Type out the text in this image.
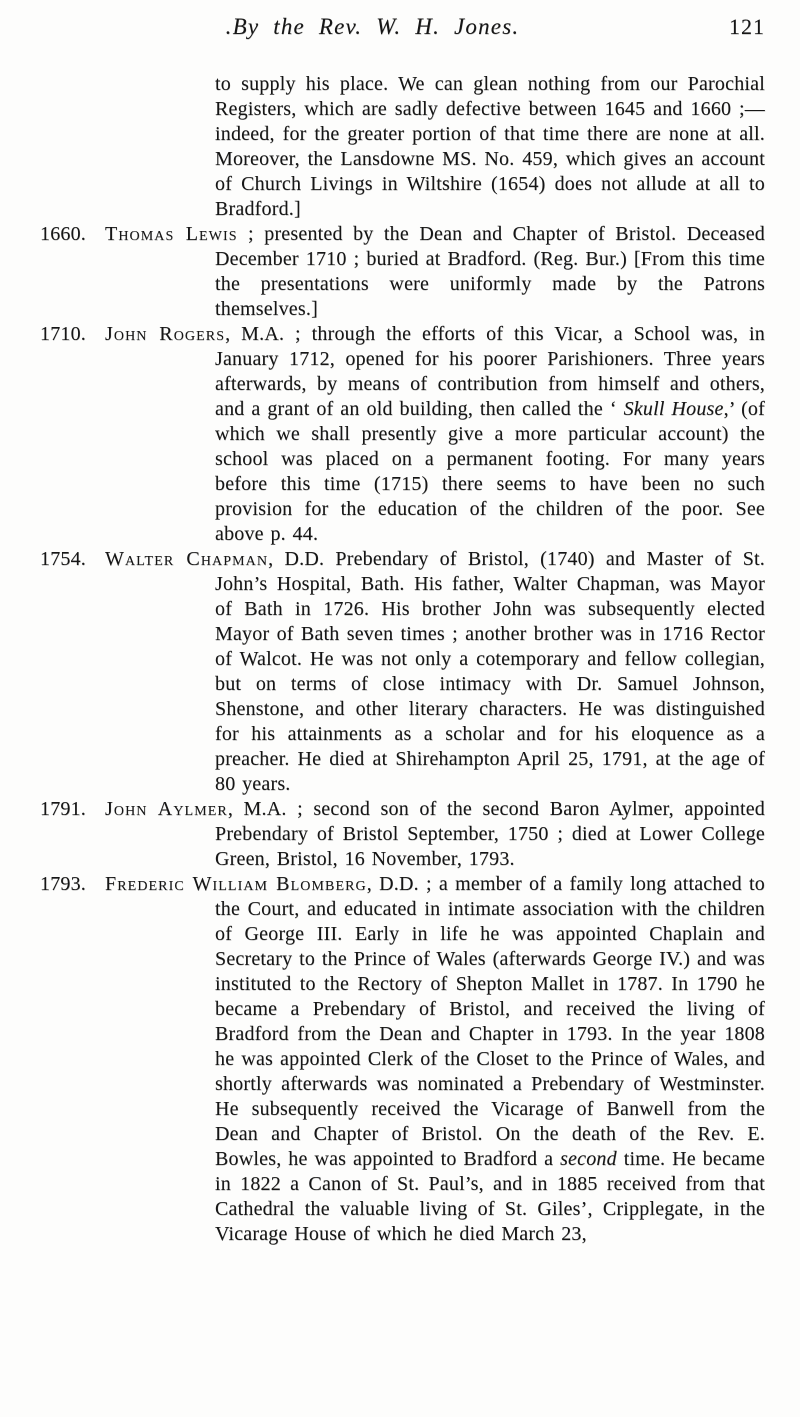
.By the Rev. W. H. Jones.	121

to supply his place. We can glean nothing from our Parochial Registers, which are sadly defective between 1645 and 1660 ;—indeed, for the greater portion of that time there are none at all. Moreover, the Lansdowne MS. No. 459, which gives an account of Church Livings in Wiltshire (1654) does not allude at all to Bradford.]

1660. Thomas Lewis ; presented by the Dean and Chapter of Bristol. Deceased December 1710 ; buried at Bradford. (Reg. Bur.) [From this time the presentations were uniformly made by the Patrons themselves.]

1710. John Rogers, M.A. ; through the efforts of this Vicar, a School was, in January 1712, opened for his poorer Parishioners. Three years afterwards, by means of contribution from himself and others, and a grant of an old building, then called the ‘ Skull House,’ (of which we shall presently give a more particular account) the school was placed on a permanent footing. For many years before this time (1715) there seems to have been no such provision for the education of the children of the poor. See above p. 44.

1754. Walter Chapman, D.D. Prebendary of Bristol, (1740) and Master of St. John’s Hospital, Bath. His father, Walter Chapman, was Mayor of Bath in 1726. His brother John was subsequently elected Mayor of Bath seven times ; another brother was in 1716 Rector of Walcot. He was not only a cotemporary and fellow collegian, but on terms of close intimacy with Dr. Samuel Johnson, Shenstone, and other literary characters. He was distinguished for his attainments as a scholar and for his eloquence as a preacher. He died at Shirehampton April 25, 1791, at the age of 80 years.

1791. John Aylmer, M.A. ; second son of the second Baron Aylmer, appointed Prebendary of Bristol September, 1750 ; died at Lower College Green, Bristol, 16 November, 1793.

1793. Frederic William Blomberg, D.D. ; a member of a family long attached to the Court, and educated in intimate association with the children of George III. Early in life he was appointed Chaplain and Secretary to the Prince of Wales (afterwards George IV.) and was instituted to the Rectory of Shepton Mallet in 1787. In 1790 he became a Prebendary of Bristol, and received the living of Bradford from the Dean and Chapter in 1793. In the year 1808 he was appointed Clerk of the Closet to the Prince of Wales, and shortly afterwards was nominated a Prebendary of Westminster. He subsequently received the Vicarage of Banwell from the Dean and Chapter of Bristol. On the death of the Rev. E. Bowles, he was appointed to Bradford a second time. He became in 1822 a Canon of St. Paul’s, and in 1885 received from that Cathedral the valuable living of St. Giles’, Cripplegate, in the Vicarage House of which he died March 23,
